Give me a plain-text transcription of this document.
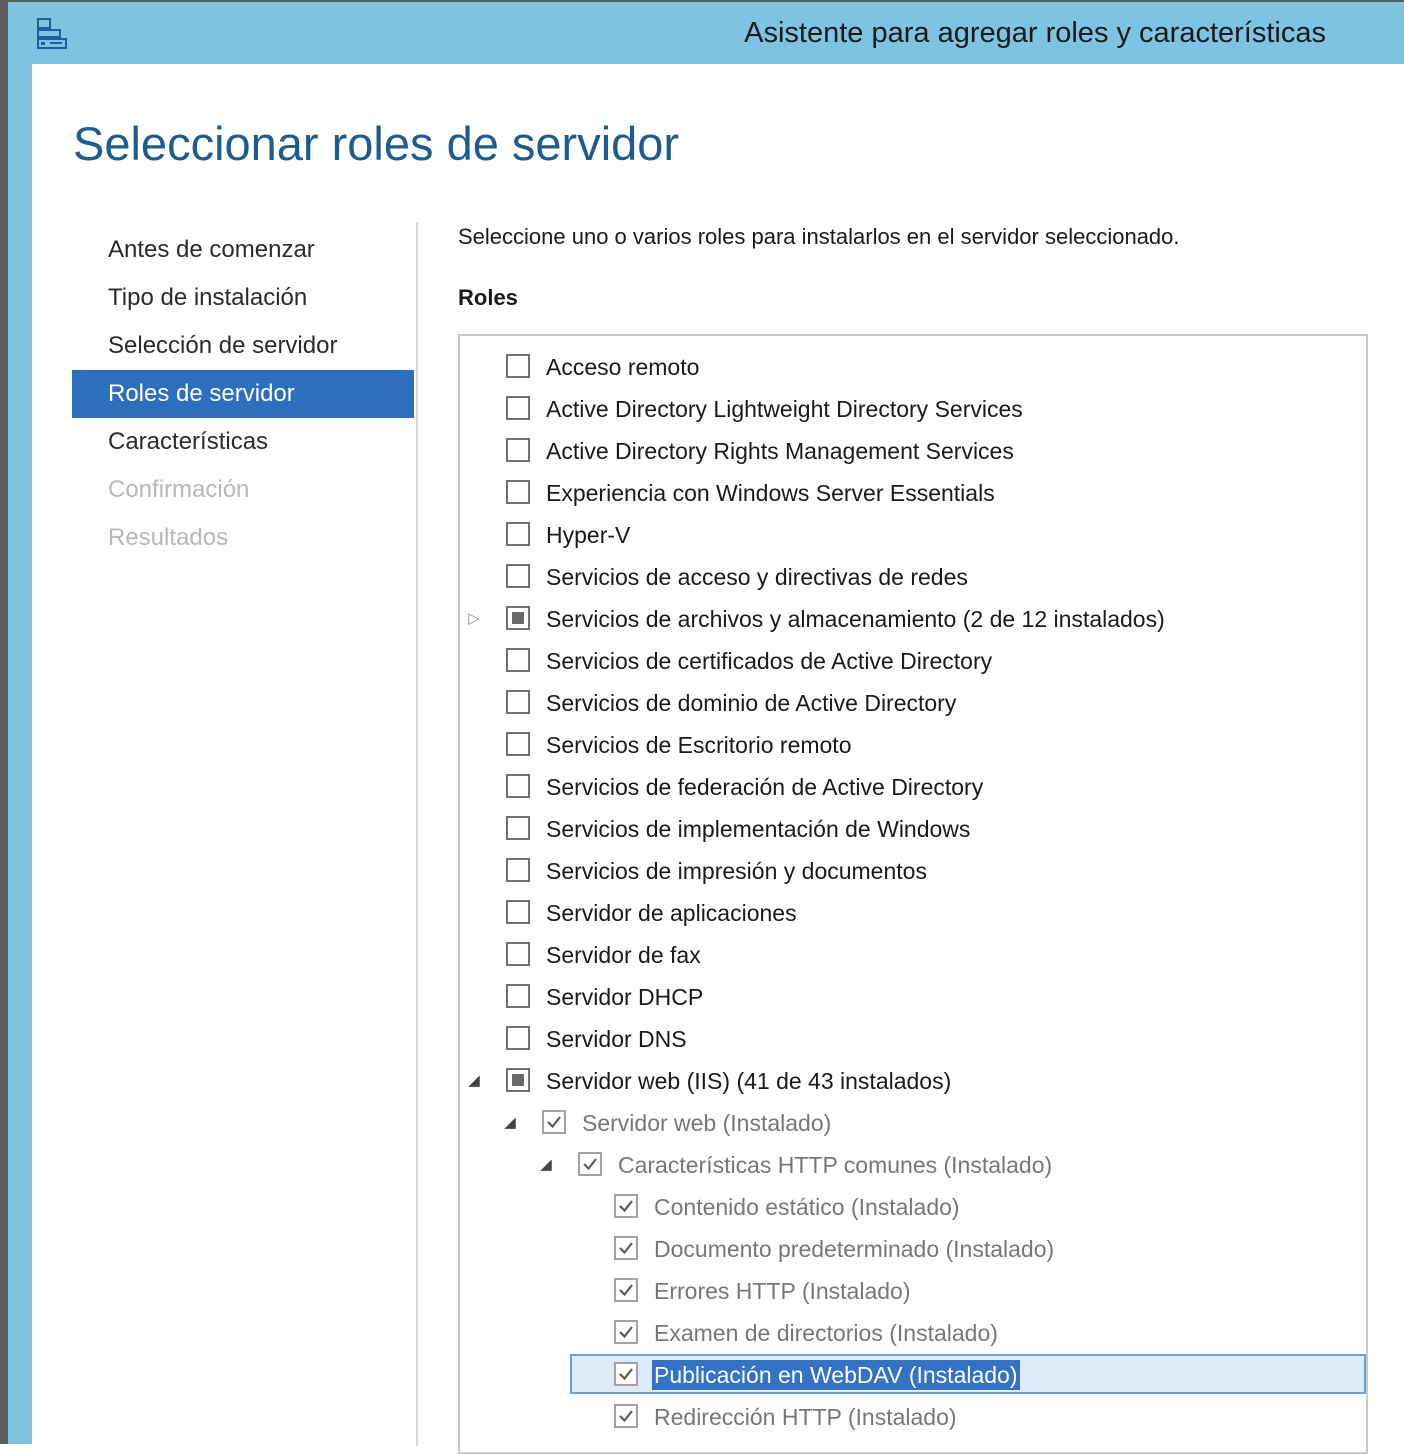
Asistente para agregar roles y características
Seleccionar roles de servidor
Antes de comenzar
Tipo de instalación
Selección de servidor
Roles de servidor
Características
Confirmación
Resultados
Seleccione uno o varios roles para instalarlos en el servidor seleccionado.
Roles
Acceso remoto
Active Directory Lightweight Directory Services
Active Directory Rights Management Services
Experiencia con Windows Server Essentials
Hyper-V
Servicios de acceso y directivas de redes
▷	Servicios de archivos y almacenamiento (2 de 12 instalados)
Servicios de certificados de Active Directory
Servicios de dominio de Active Directory
Servicios de Escritorio remoto
Servicios de federación de Active Directory
Servicios de implementación de Windows
Servicios de impresión y documentos
Servidor de aplicaciones
Servidor de fax
Servidor DHCP
Servidor DNS
◢	Servidor web (IIS) (41 de 43 instalados)
◢	Servidor web (Instalado)
◢	Características HTTP comunes (Instalado)
Contenido estático (Instalado)
Documento predeterminado (Instalado)
Errores HTTP (Instalado)
Examen de directorios (Instalado)
Publicación en WebDAV (Instalado)
Redirección HTTP (Instalado)
